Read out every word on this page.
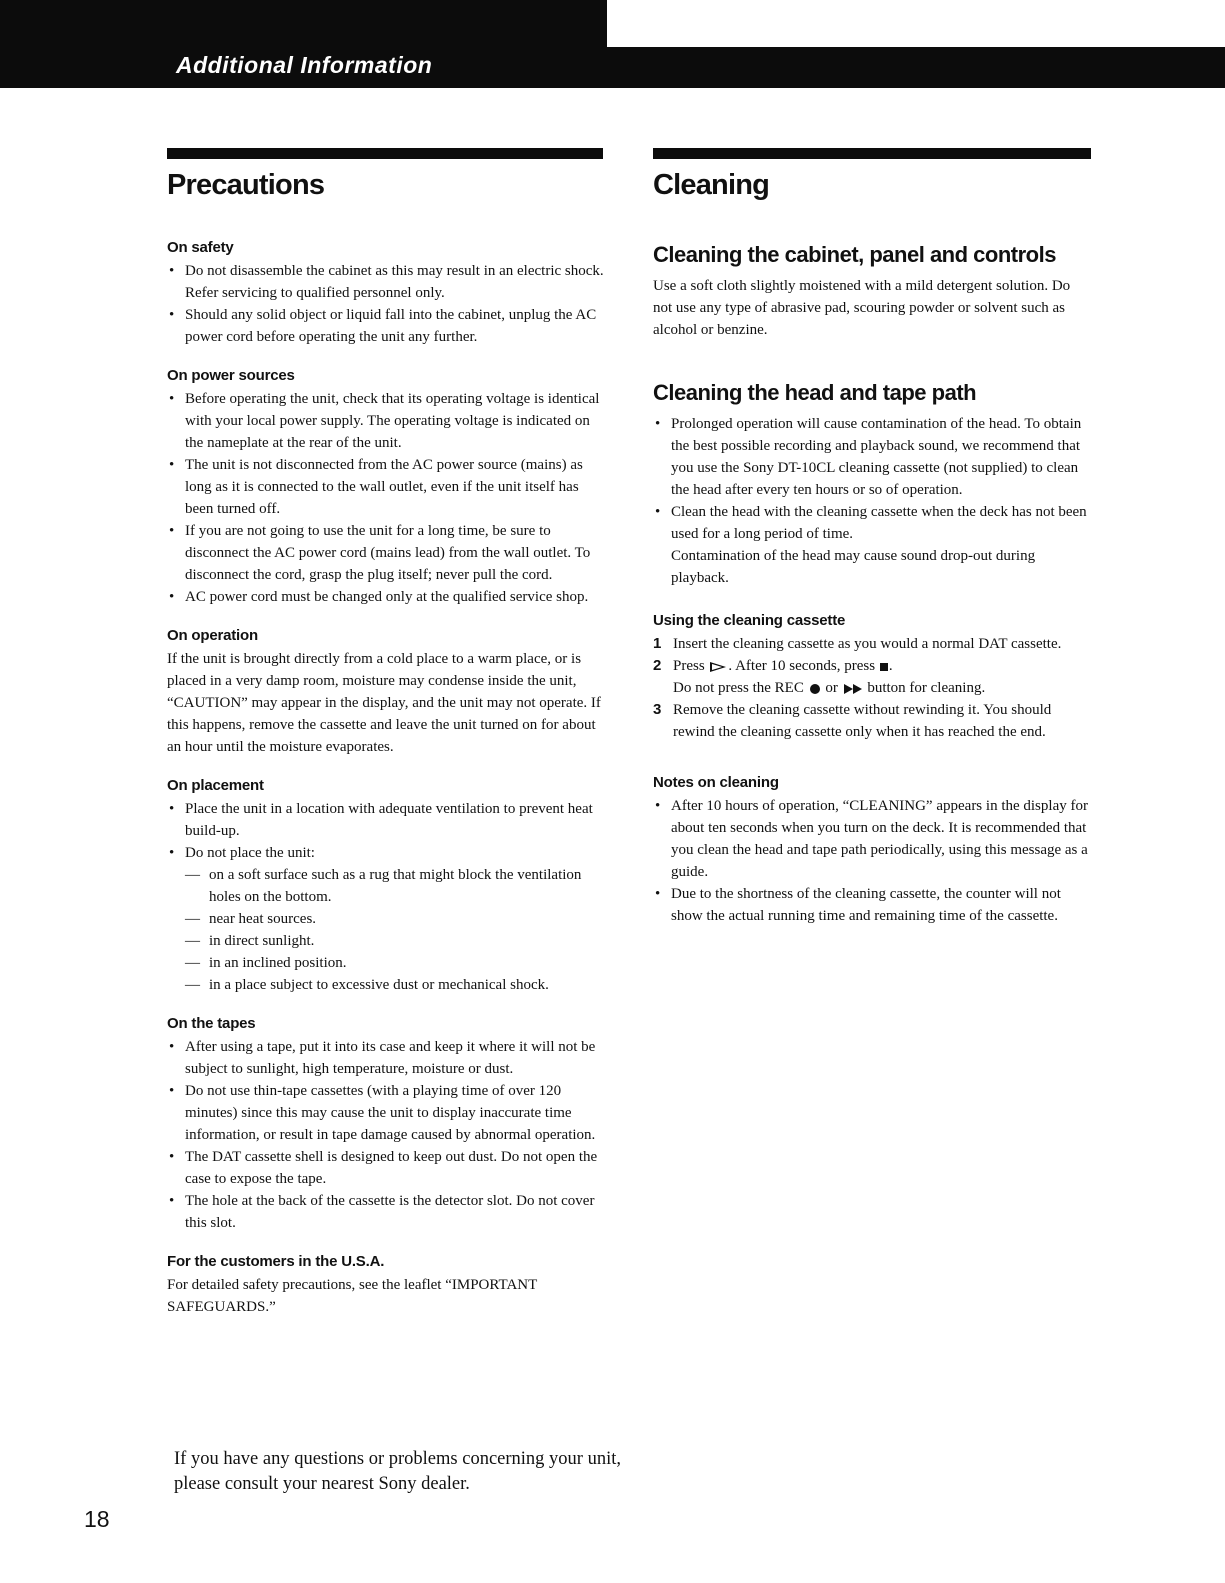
Additional Information
Precautions
On safety
• Do not disassemble the cabinet as this may result in an electric shock. Refer servicing to qualified personnel only.
• Should any solid object or liquid fall into the cabinet, unplug the AC power cord before operating the unit any further.
On power sources
• Before operating the unit, check that its operating voltage is identical with your local power supply. The operating voltage is indicated on the nameplate at the rear of the unit.
• The unit is not disconnected from the AC power source (mains) as long as it is connected to the wall outlet, even if the unit itself has been turned off.
• If you are not going to use the unit for a long time, be sure to disconnect the AC power cord (mains lead) from the wall outlet. To disconnect the cord, grasp the plug itself; never pull the cord.
• AC power cord must be changed only at the qualified service shop.
On operation

If the unit is brought directly from a cold place to a warm place, or is placed in a very damp room, moisture may condense inside the unit, “CAUTION” may appear in the display, and the unit may not operate. If this happens, remove the cassette and leave the unit turned on for about an hour until the moisture evaporates.

On placement
• Place the unit in a location with adequate ventilation to prevent heat build-up.
• Do not place the unit:
— on a soft surface such as a rug that might block the ventilation holes on the bottom.
— near heat sources.
— in direct sunlight.
— in an inclined position.
— in a place subject to excessive dust or mechanical shock.
On the tapes
• After using a tape, put it into its case and keep it where it will not be subject to sunlight, high temperature, moisture or dust.
• Do not use thin-tape cassettes (with a playing time of over 120 minutes) since this may cause the unit to display inaccurate time information, or result in tape damage caused by abnormal operation.
• The DAT cassette shell is designed to keep out dust. Do not open the case to expose the tape.
• The hole at the back of the cassette is the detector slot. Do not cover this slot.
For the customers in the U.S.A.

For detailed safety precautions, see the leaflet “IMPORTANT SAFEGUARDS.”

Cleaning
Cleaning the cabinet, panel and controls

Use a soft cloth slightly moistened with a mild detergent solution. Do not use any type of abrasive pad, scouring powder or solvent such as alcohol or benzine.

Cleaning the head and tape path
• Prolonged operation will cause contamination of the head. To obtain the best possible recording and playback sound, we recommend that you use the Sony DT-10CL cleaning cassette (not supplied) to clean the head after every ten hours or so of operation.
• Clean the head with the cleaning cassette when the deck has not been used for a long period of time.
Contamination of the head may cause sound drop-out during playback.
Using the cleaning cassette
1 Insert the cleaning cassette as you would a normal DAT cassette.
2 Press . After 10 seconds, press .
Do not press the REC or button for cleaning.
3 Remove the cleaning cassette without rewinding it. You should rewind the cleaning cassette only when it has reached the end.
Notes on cleaning
• After 10 hours of operation, “CLEANING” appears in the display for about ten seconds when you turn on the deck. It is recommended that you clean the head and tape path periodically, using this message as a guide.
• Due to the shortness of the cleaning cassette, the counter will not show the actual running time and remaining time of the cassette.

If you have any questions or problems concerning your unit, please consult your nearest Sony dealer.

18
